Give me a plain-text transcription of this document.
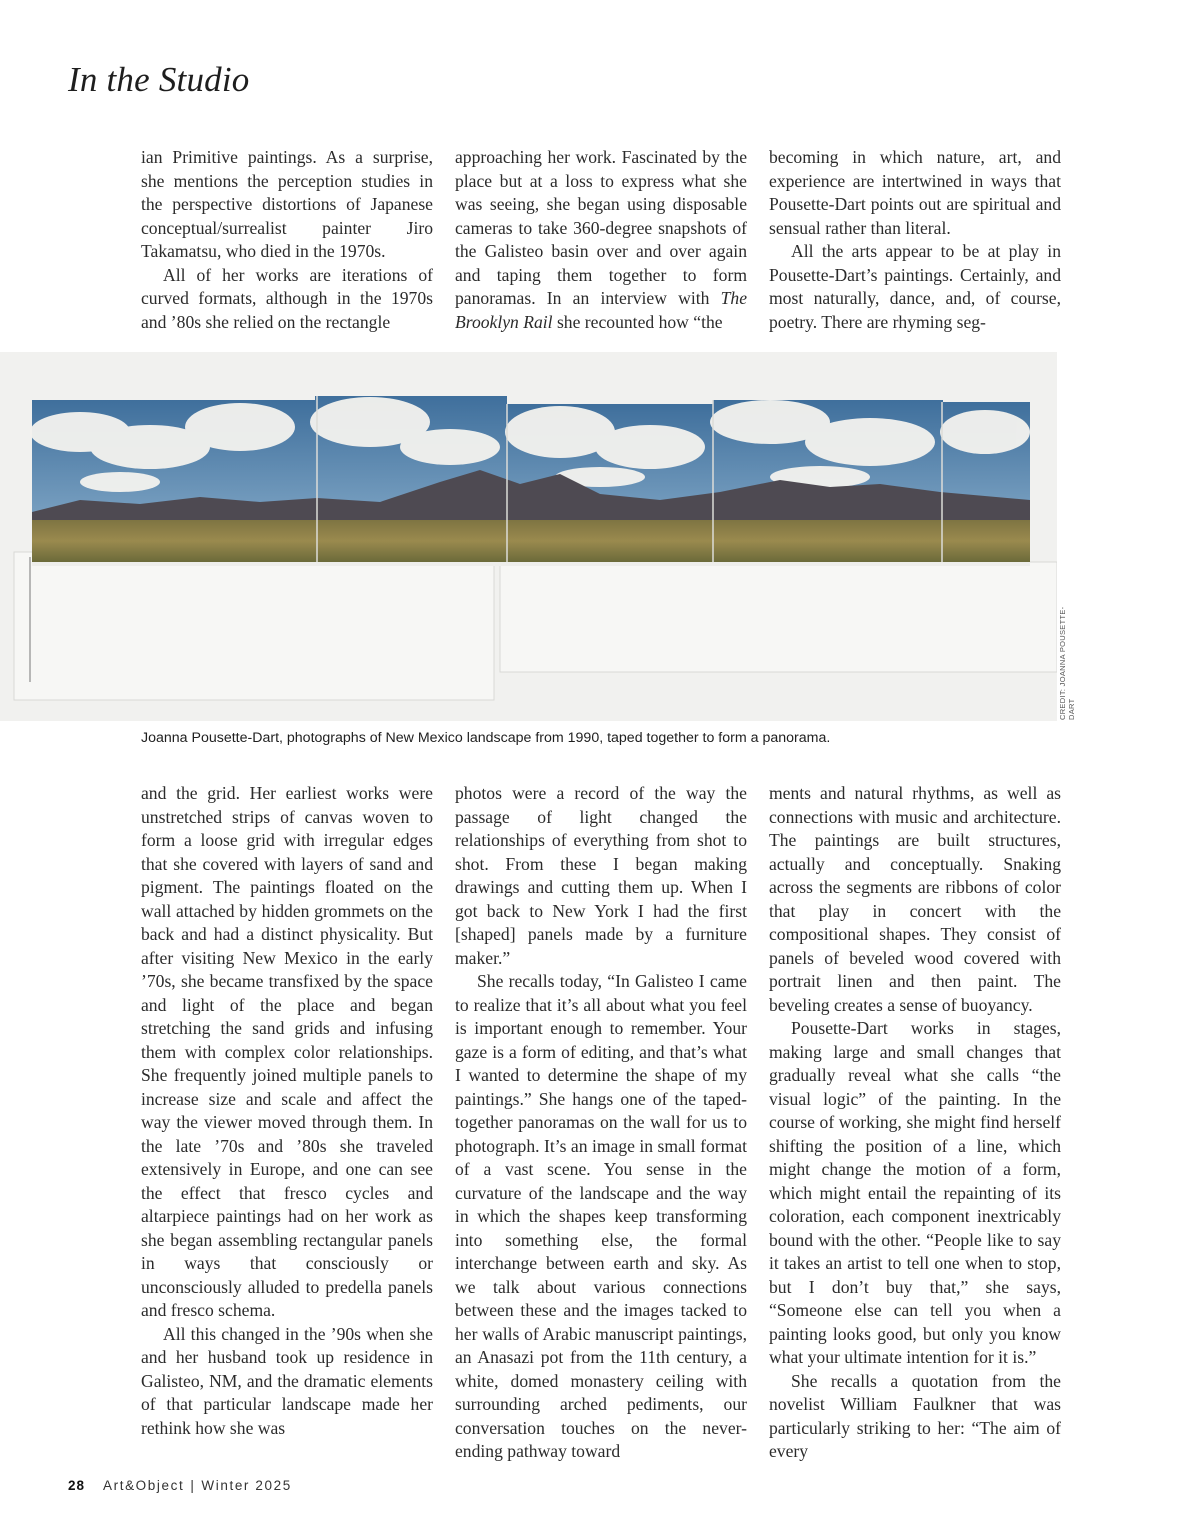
In the Studio

ian Primitive paintings. As a surprise, she mentions the perception studies in the perspective distortions of Japanese conceptual/surrealist painter Jiro Takamatsu, who died in the 1970s.

All of her works are iterations of curved formats, although in the 1970s and ’80s she relied on the rectangle

approaching her work. Fascinated by the place but at a loss to express what she was seeing, she began using disposable cameras to take 360-degree snapshots of the Galisteo basin over and over again and taping them together to form panoramas. In an interview with The Brooklyn Rail she recounted how “the

becoming in which nature, art, and experience are intertwined in ways that Pousette-Dart points out are spiritual and sensual rather than literal.

All the arts appear to be at play in Pousette-Dart’s paintings. Certainly, and most naturally, dance, and, of course, poetry. There are rhyming seg-

CREDIT: JOANNA POUSETTE-DART

Joanna Pousette-Dart, photographs of New Mexico landscape from 1990, taped together to form a panorama.

and the grid. Her earliest works were unstretched strips of canvas woven to form a loose grid with irregular edges that she covered with layers of sand and pigment. The paintings floated on the wall attached by hidden grommets on the back and had a distinct physicality. But after visiting New Mexico in the early ’70s, she became transfixed by the space and light of the place and began stretching the sand grids and infusing them with complex color relationships. She frequently joined multiple panels to increase size and scale and affect the way the viewer moved through them. In the late ’70s and ’80s she traveled extensively in Europe, and one can see the effect that fresco cycles and altarpiece paintings had on her work as she began assembling rectangular panels in ways that consciously or unconsciously alluded to predella panels and fresco schema.

All this changed in the ’90s when she and her husband took up residence in Galisteo, NM, and the dramatic elements of that particular landscape made her rethink how she was

photos were a record of the way the passage of light changed the relationships of everything from shot to shot. From these I began making drawings and cutting them up. When I got back to New York I had the first [shaped] panels made by a furniture maker.”

She recalls today, “In Galisteo I came to realize that it’s all about what you feel is important enough to remember. Your gaze is a form of editing, and that’s what I wanted to determine the shape of my paintings.” She hangs one of the taped-together panoramas on the wall for us to photograph. It’s an image in small format of a vast scene. You sense in the curvature of the landscape and the way in which the shapes keep transforming into something else, the formal interchange between earth and sky. As we talk about various connections between these and the images tacked to her walls of Arabic manuscript paintings, an Anasazi pot from the 11th century, a white, domed monastery ceiling with surrounding arched pediments, our conversation touches on the never-ending pathway toward

ments and natural rhythms, as well as connections with music and architecture. The paintings are built structures, actually and conceptually. Snaking across the segments are ribbons of color that play in concert with the compositional shapes. They consist of panels of beveled wood covered with portrait linen and then paint. The beveling creates a sense of buoyancy.

Pousette-Dart works in stages, making large and small changes that gradually reveal what she calls “the visual logic” of the painting. In the course of working, she might find herself shifting the position of a line, which might change the motion of a form, which might entail the repainting of its coloration, each component inextricably bound with the other. “People like to say it takes an artist to tell one when to stop, but I don’t buy that,” she says, “Someone else can tell you when a painting looks good, but only you know what your ultimate intention for it is.”

She recalls a quotation from the novelist William Faulkner that was particularly striking to her: “The aim of every

28 Art&Object | Winter 2025
